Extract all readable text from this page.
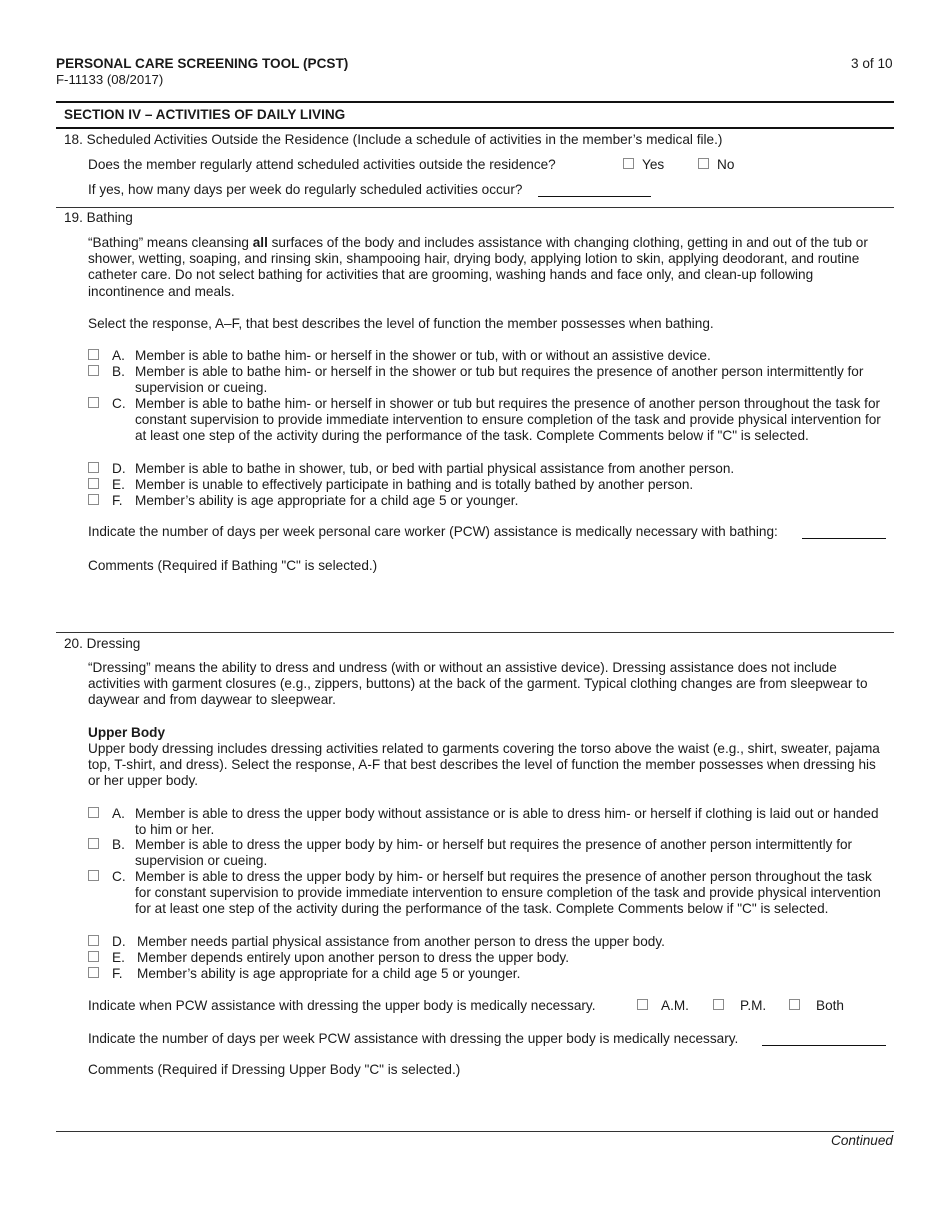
PERSONAL CARE SCREENING TOOL (PCST)
F-11133 (08/2017)
3 of 10
SECTION IV – ACTIVITIES OF DAILY LIVING
18. Scheduled Activities Outside the Residence (Include a schedule of activities in the member’s medical file.)
Does the member regularly attend scheduled activities outside the residence?	Yes	No
If yes, how many days per week do regularly scheduled activities occur?
19. Bathing
“Bathing” means cleansing all surfaces of the body and includes assistance with changing clothing, getting in and out of the tub or shower, wetting, soaping, and rinsing skin, shampooing hair, drying body, applying lotion to skin, applying deodorant, and routine catheter care. Do not select bathing for activities that are grooming, washing hands and face only, and clean-up following incontinence and meals.
Select the response, A–F, that best describes the level of function the member possesses when bathing.
A. Member is able to bathe him- or herself in the shower or tub, with or without an assistive device.
B. Member is able to bathe him- or herself in the shower or tub but requires the presence of another person intermittently for supervision or cueing.
C. Member is able to bathe him- or herself in shower or tub but requires the presence of another person throughout the task for constant supervision to provide immediate intervention to ensure completion of the task and provide physical intervention for at least one step of the activity during the performance of the task. Complete Comments below if "C" is selected.
D. Member is able to bathe in shower, tub, or bed with partial physical assistance from another person.
E. Member is unable to effectively participate in bathing and is totally bathed by another person.
F. Member’s ability is age appropriate for a child age 5 or younger.
Indicate the number of days per week personal care worker (PCW) assistance is medically necessary with bathing:
Comments (Required if Bathing "C" is selected.)
20. Dressing
“Dressing” means the ability to dress and undress (with or without an assistive device). Dressing assistance does not include activities with garment closures (e.g., zippers, buttons) at the back of the garment. Typical clothing changes are from sleepwear to daywear and from daywear to sleepwear.
Upper Body
Upper body dressing includes dressing activities related to garments covering the torso above the waist (e.g., shirt, sweater, pajama top, T-shirt, and dress). Select the response, A-F that best describes the level of function the member possesses when dressing his or her upper body.
A. Member is able to dress the upper body without assistance or is able to dress him- or herself if clothing is laid out or handed to him or her.
B. Member is able to dress the upper body by him- or herself but requires the presence of another person intermittently for supervision or cueing.
C. Member is able to dress the upper body by him- or herself but requires the presence of another person throughout the task for constant supervision to provide immediate intervention to ensure completion of the task and provide physical intervention for at least one step of the activity during the performance of the task. Complete Comments below if "C" is selected.
D. Member needs partial physical assistance from another person to dress the upper body.
E. Member depends entirely upon another person to dress the upper body.
F. Member’s ability is age appropriate for a child age 5 or younger.
Indicate when PCW assistance with dressing the upper body is medically necessary.	A.M.	P.M.	Both
Indicate the number of days per week PCW assistance with dressing the upper body is medically necessary.
Comments (Required if Dressing Upper Body "C" is selected.)
Continued
